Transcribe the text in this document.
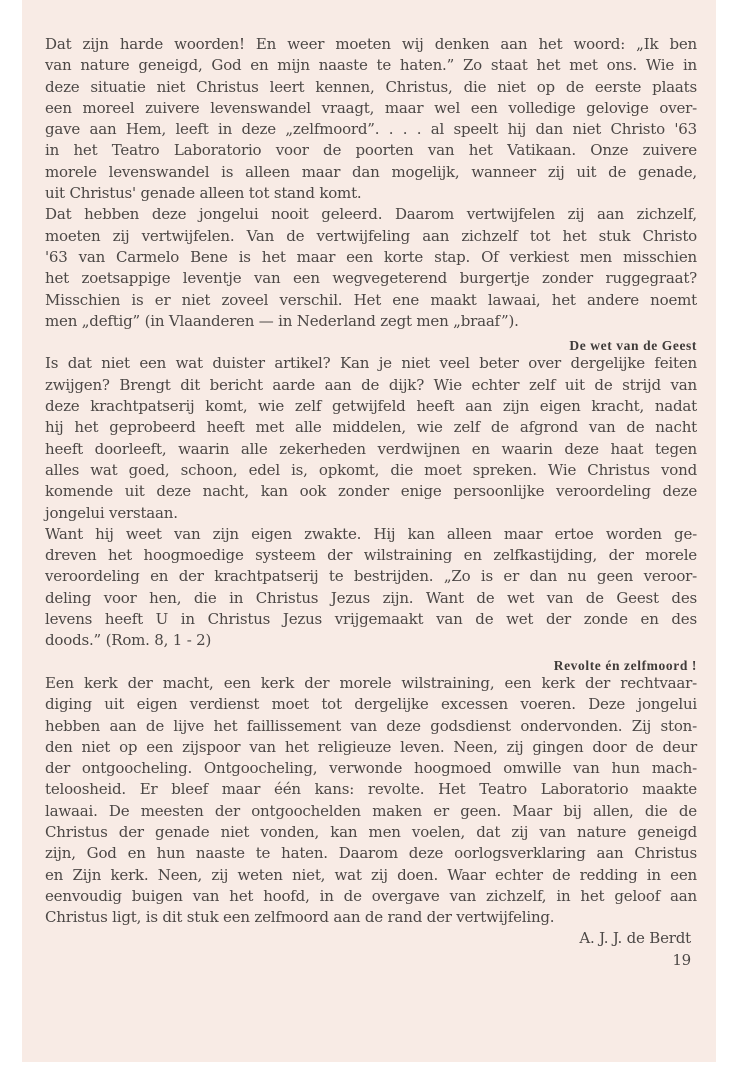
Dat zijn harde woorden! En weer moeten wij denken aan het woord: „Ik ben
van nature geneigd, God en mijn naaste te haten.” Zo staat het met ons. Wie in
deze situatie niet Christus leert kennen, Christus, die niet op de eerste plaats
een moreel zuivere levenswandel vraagt, maar wel een volledige gelovige over-
gave aan Hem, leeft in deze „zelfmoord”. . . . al speelt hij dan niet Christo '63
in het Teatro Laboratorio voor de poorten van het Vatikaan. Onze zuivere
morele levenswandel is alleen maar dan mogelijk, wanneer zij uit de genade,
uit Christus' genade alleen tot stand komt.
Dat hebben deze jongelui nooit geleerd. Daarom vertwijfelen zij aan zichzelf,
moeten zij vertwijfelen. Van de vertwijfeling aan zichzelf tot het stuk Christo
'63 van Carmelo Bene is het maar een korte stap. Of verkiest men misschien
het zoetsappige leventje van een wegvegeterend burgertje zonder ruggegraat?
Misschien is er niet zoveel verschil. Het ene maakt lawaai, het andere noemt
men „deftig” (in Vlaanderen — in Nederland zegt men „braaf”).
De wet van de Geest
Is dat niet een wat duister artikel? Kan je niet veel beter over dergelijke feiten
zwijgen? Brengt dit bericht aarde aan de dijk? Wie echter zelf uit de strijd van
deze krachtpatserij komt, wie zelf getwijfeld heeft aan zijn eigen kracht, nadat
hij het geprobeerd heeft met alle middelen, wie zelf de afgrond van de nacht
heeft doorleeft, waarin alle zekerheden verdwijnen en waarin deze haat tegen
alles wat goed, schoon, edel is, opkomt, die moet spreken. Wie Christus vond
komende uit deze nacht, kan ook zonder enige persoonlijke veroordeling deze
jongelui verstaan.
Want hij weet van zijn eigen zwakte. Hij kan alleen maar ertoe worden ge-
dreven het hoogmoedige systeem der wilstraining en zelfkastijding, der morele
veroordeling en der krachtpatserij te bestrijden. „Zo is er dan nu geen veroor-
deling voor hen, die in Christus Jezus zijn. Want de wet van de Geest des
levens heeft U in Christus Jezus vrijgemaakt van de wet der zonde en des
doods.” (Rom. 8, 1 - 2)
Revolte én zelfmoord !
Een kerk der macht, een kerk der morele wilstraining, een kerk der rechtvaar-
diging uit eigen verdienst moet tot dergelijke excessen voeren. Deze jongelui
hebben aan de lijve het faillissement van deze godsdienst ondervonden. Zij ston-
den niet op een zijspoor van het religieuze leven. Neen, zij gingen door de deur
der ontgoocheling. Ontgoocheling, verwonde hoogmoed omwille van hun mach-
teloosheid. Er bleef maar één kans: revolte. Het Teatro Laboratorio maakte
lawaai. De meesten der ontgoochelden maken er geen. Maar bij allen, die de
Christus der genade niet vonden, kan men voelen, dat zij van nature geneigd
zijn, God en hun naaste te haten. Daarom deze oorlogsverklaring aan Christus
en Zijn kerk. Neen, zij weten niet, wat zij doen. Waar echter de redding in een
eenvoudig buigen van het hoofd, in de overgave van zichzelf, in het geloof aan
Christus ligt, is dit stuk een zelfmoord aan de rand der vertwijfeling.
A. J. J. de Berdt
19
